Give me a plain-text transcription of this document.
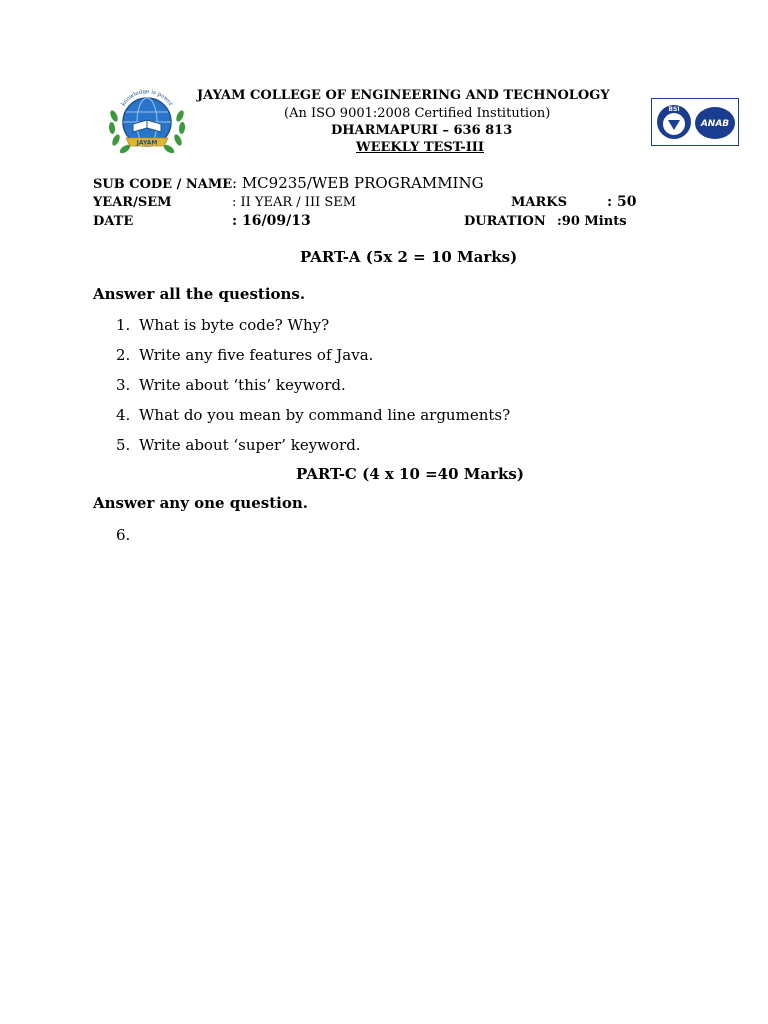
JAYAM
knowledge is power
BSI
ANAB
JAYAM COLLEGE OF ENGINEERING AND TECHNOLOGY
(An ISO 9001:2008 Certified Institution)
DHARMAPURI – 636 813
WEEKLY TEST-III
SUB CODE / NAME : MC9235/WEB PROGRAMMING
YEAR/SEM	: II YEAR / III SEM	MARKS	: 50
DATE	: 16/09/13	DURATION :90 Mints
PART-A (5x 2 = 10 Marks)
Answer all the questions.
1. What is byte code? Why?
2. Write any five features of Java.
3. Write about ‘this’ keyword.
4. What do you mean by command line arguments?
5. Write about ‘super’ keyword.
PART-C (4 x 10 =40 Marks)
Answer any one question.
6.
